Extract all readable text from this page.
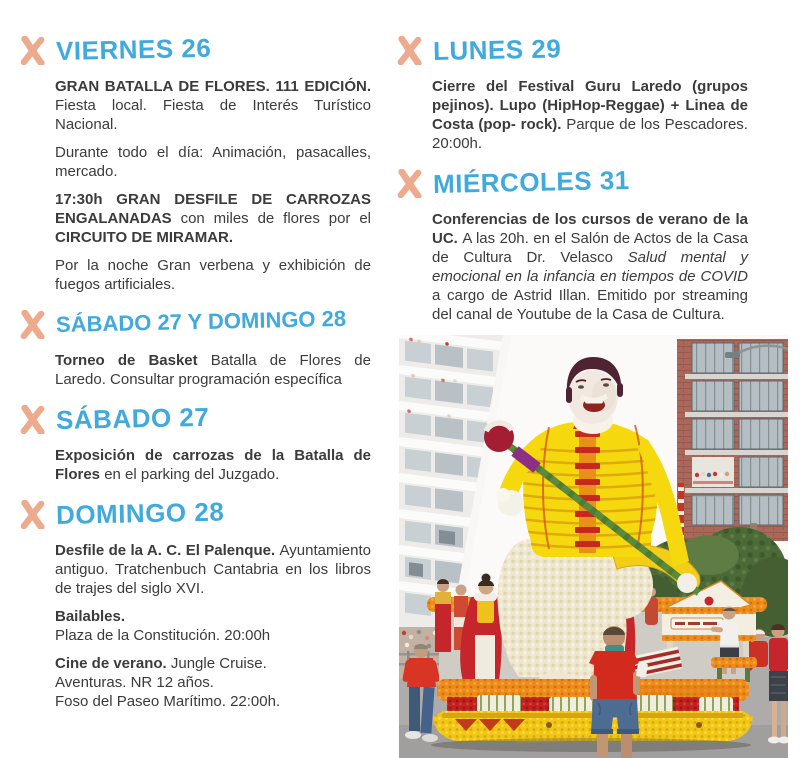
VIERNES 26

GRAN BATALLA DE FLORES. 111 EDICIÓN. Fiesta local. Fiesta de Interés Turístico Nacional.

Durante todo el día: Animación, pasacalles, mercado.

17:30h GRAN DESFILE DE CARROZAS ENGALANADAS con miles de flores por el CIRCUITO DE MIRAMAR.

Por la noche Gran verbena y exhibición de fuegos artificiales.

SÁBADO 27 Y DOMINGO 28

Torneo de Basket Batalla de Flores de Laredo. Consultar programación específica

SÁBADO 27

Exposición de carrozas de la Batalla de Flores en el parking del Juzgado.

DOMINGO 28

Desfile de la A. C. El Palenque. Ayuntamiento antiguo. Tratchenbuch Cantabria en los libros de trajes del siglo XVI.

Bailables.
Plaza de la Constitución. 20:00h

Cine de verano. Jungle Cruise.
Aventuras. NR 12 años.
Foso del Paseo Marítimo. 22:00h.

LUNES 29

Cierre del Festival Guru Laredo (grupos pejinos). Lupo (HipHop-Reggae) + Linea de Costa (pop- rock). Parque de los Pescadores. 20:00h.

MIÉRCOLES 31

Conferencias de los cursos de verano de la UC. A las 20h. en el Salón de Actos de la Casa de Cultura Dr. Velasco Salud mental y emocional en la infancia en tiempos de COVID a cargo de Astrid Illan. Emitido por streaming del canal de Youtube de la Casa de Cultura.
